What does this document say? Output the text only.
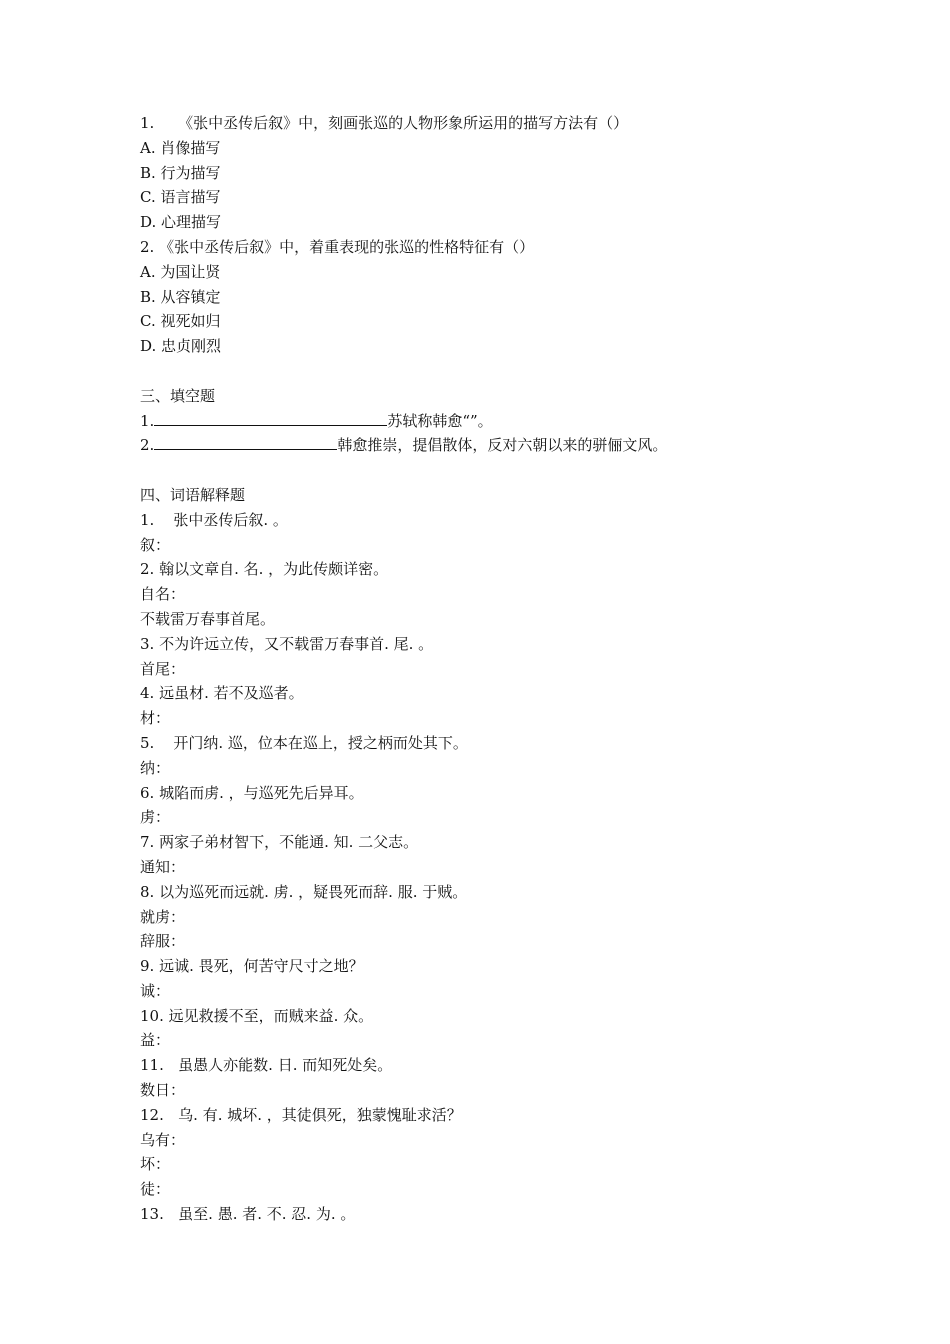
1.     《张中丞传后叙》中，刻画张巡的人物形象所运用的描写方法有（）
A. 肖像描写
B. 行为描写
C. 语言描写
D. 心理描写
2. 《张中丞传后叙》中，着重表现的张巡的性格特征有（）
A. 为国让贤
B. 从容镇定
C. 视死如归
D. 忠贞刚烈
三、填空题
1.	苏轼称韩愈“”。
2.	韩愈推崇，提倡散体，反对六朝以来的骈俪文风。
四、词语解释题
1.    张中丞传后叙. 。
叙：
2. 翰以文章自. 名. ，为此传颇详密。
自名：
不载雷万春事首尾。
3. 不为许远立传，又不载雷万春事首. 尾. 。
首尾：
4. 远虽材. 若不及巡者。
材：
5.    开门纳. 巡，位本在巡上，授之柄而处其下。
纳：
6. 城陷而虏. ，与巡死先后异耳。
虏：
7. 两家子弟材智下，不能通. 知. 二父志。
通知：
8. 以为巡死而远就. 虏. ，疑畏死而辞. 服. 于贼。
就虏：
辞服：
9. 远诚. 畏死，何苦守尺寸之地？
诚：
10. 远见救援不至，而贼来益. 众。
益：
11.   虽愚人亦能数. 日. 而知死处矣。
数日：
12.   乌. 有. 城坏. ，其徒俱死，独蒙愧耻求活？
乌有：
坏：
徒：
13.   虽至. 愚. 者. 不. 忍. 为. 。
